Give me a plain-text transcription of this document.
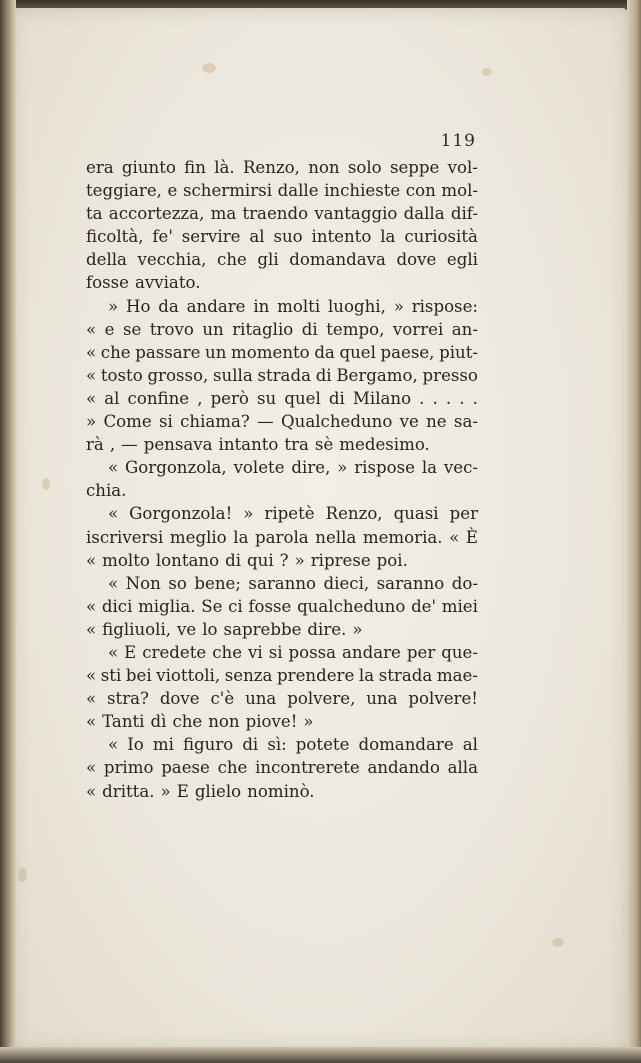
119
era giunto fin là. Renzo, non solo seppe vol-
teggiare, e schermirsi dalle inchieste con mol-
ta accortezza, ma traendo vantaggio dalla dif-
ficoltà, fe' servire al suo intento la curiosità
della vecchia, che gli domandava dove egli
fosse avviato.
» Ho da andare in molti luoghi, » rispose:
« e se trovo un ritaglio di tempo, vorrei an-
« che passare un momento da quel paese, piut-
« tosto grosso, sulla strada di Bergamo, presso
« al confine , però su quel di Milano . . . . .
» Come si chiama? — Qualcheduno ve ne sa-
rà , — pensava intanto tra sè medesimo.
« Gorgonzola, volete dire, » rispose la vec-
chia.
« Gorgonzola! » ripetè Renzo, quasi per
iscriversi meglio la parola nella memoria. « È
« molto lontano di qui ? » riprese poi.
« Non so bene; saranno dieci, saranno do-
« dici miglia. Se ci fosse qualcheduno de' miei
« figliuoli, ve lo saprebbe dire. »
« E credete che vi si possa andare per que-
« sti bei viottoli, senza prendere la strada mae-
« stra? dove c'è una polvere, una polvere!
« Tanti dì che non piove! »
« Io mi figuro di sì: potete domandare al
« primo paese che incontrerete andando alla
« dritta. » E glielo nominò.
